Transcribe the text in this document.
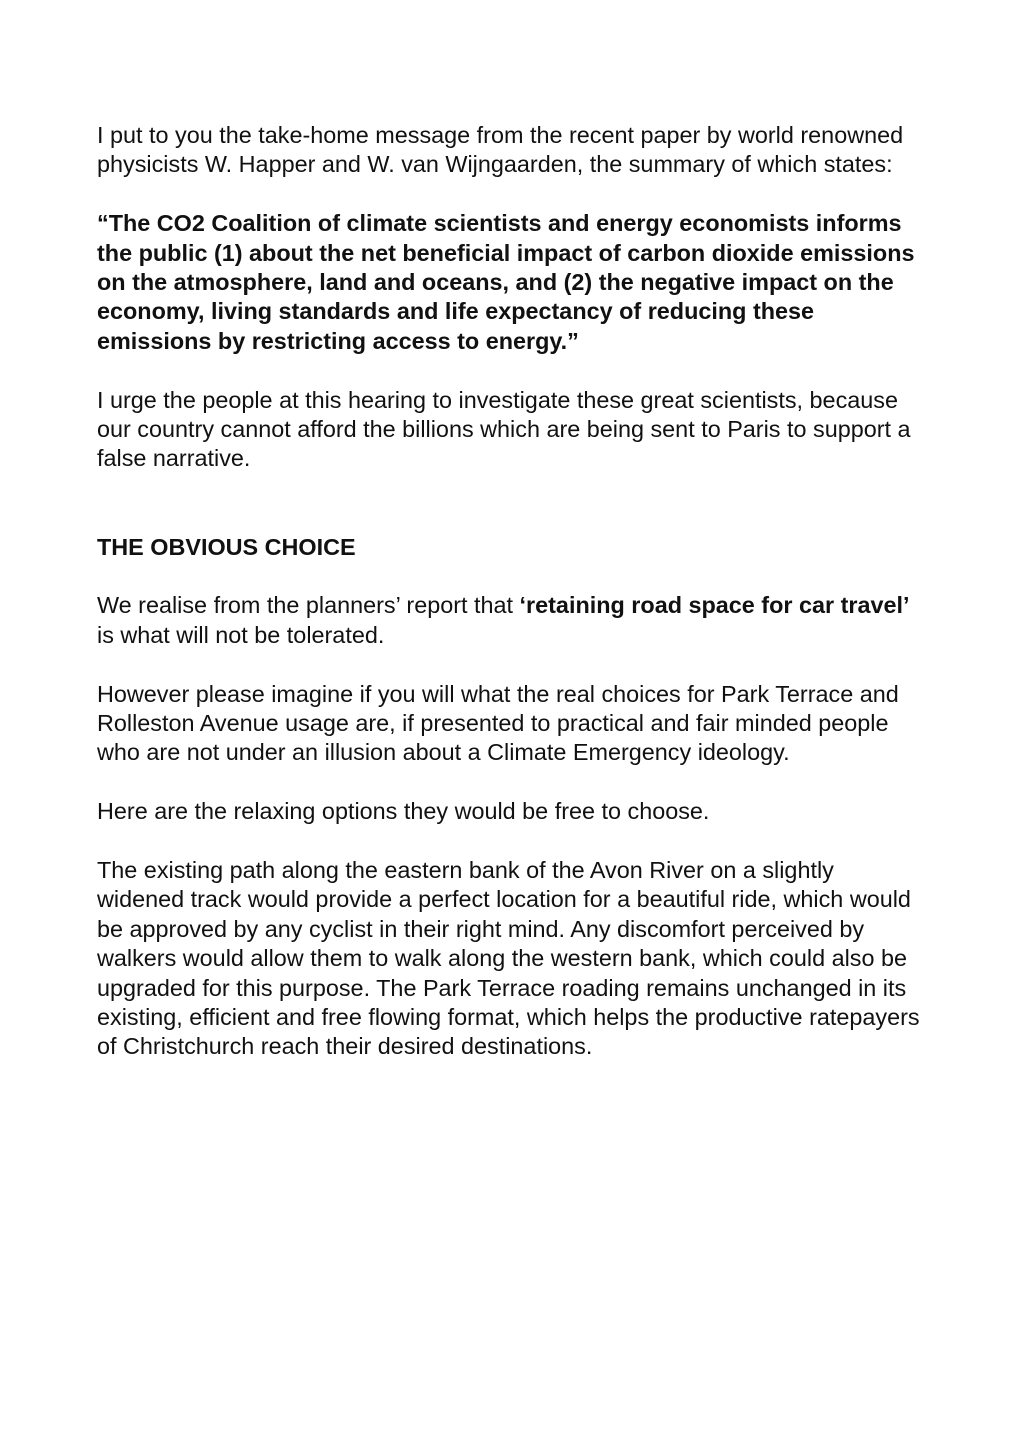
I put to you the take-home message from the recent paper by world renowned physicists W. Happer and W. van Wijngaarden, the summary of which states:

“The CO2 Coalition of climate scientists and energy economists informs the public (1) about the net beneficial impact of carbon dioxide emissions on the atmosphere, land and oceans, and (2) the negative impact on the economy, living standards and life expectancy of reducing these emissions by restricting access to energy.”

I urge the people at this hearing to investigate these great scientists, because our country cannot afford the billions which are being sent to Paris to support a false narrative.

THE OBVIOUS CHOICE

We realise from the planners’ report that ‘retaining road space for car travel’ is what will not be tolerated.

However please imagine if you will what the real choices for Park Terrace and Rolleston Avenue usage are, if presented to practical and fair minded people who are not under an illusion about a Climate Emergency ideology.

Here are the relaxing options they would be free to choose.

The existing path along the eastern bank of the Avon River on a slightly widened track would provide a perfect location for a beautiful ride, which would be approved by any cyclist in their right mind. Any discomfort perceived by walkers would allow them to walk along the western bank, which could also be upgraded for this purpose. The Park Terrace roading remains unchanged in its existing, efficient and free flowing format, which helps the productive ratepayers of Christchurch reach their desired destinations.
